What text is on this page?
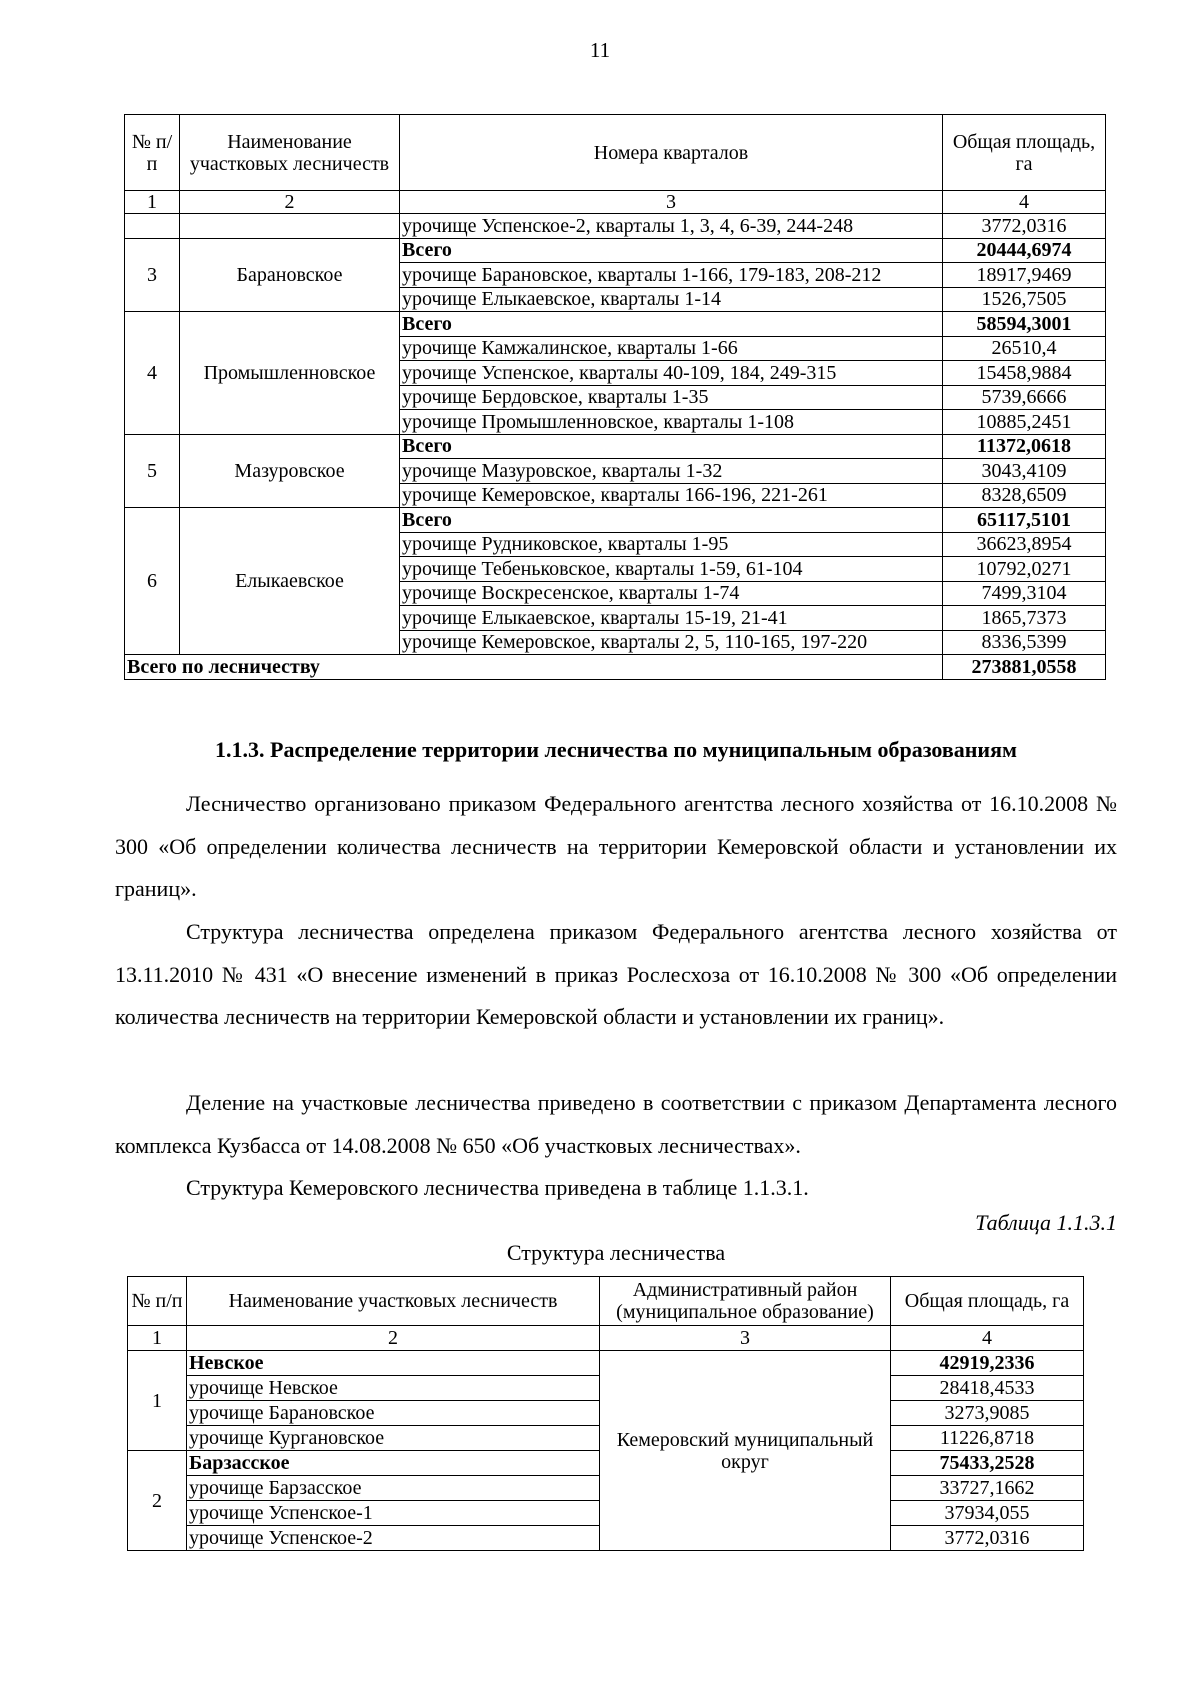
11
№ п/п	Наименование участковых лесничеств	Номера кварталов	Общая площадь, га
1	2	3	4
		урочище Успенское-2, кварталы 1, 3, 4, 6-39, 244-248	3772,0316
3	Барановское	Всего	20444,6974
		урочище Барановское, кварталы 1-166, 179-183, 208-212	18917,9469
		урочище Елыкаевское, кварталы 1-14	1526,7505
4	Промышленновское	Всего	58594,3001
		урочище Камжалинское, кварталы 1-66	26510,4
		урочище Успенское, кварталы 40-109, 184, 249-315	15458,9884
		урочище Бердовское, кварталы 1-35	5739,6666
		урочище Промышленновское, кварталы 1-108	10885,2451
5	Мазуровское	Всего	11372,0618
		урочище Мазуровское, кварталы 1-32	3043,4109
		урочище Кемеровское, кварталы 166-196, 221-261	8328,6509
6	Елыкаевское	Всего	65117,5101
		урочище Рудниковское, кварталы 1-95	36623,8954
		урочище Тебеньковское, кварталы 1-59, 61-104	10792,0271
		урочище Воскресенское, кварталы 1-74	7499,3104
		урочище Елыкаевское, кварталы 15-19, 21-41	1865,7373
		урочище Кемеровское, кварталы 2, 5, 110-165, 197-220	8336,5399
Всего по лесничеству			273881,0558
1.1.3. Распределение территории лесничества по муниципальным образованиям

Лесничество организовано приказом Федерального агентства лесного хозяйства от 16.10.2008 № 300 «Об определении количества лесничеств на территории Кемеровской области и установлении их границ».

Структура лесничества определена приказом Федерального агентства лесного хозяйства от 13.11.2010 № 431 «О внесение изменений в приказ Рослесхоза от 16.10.2008 № 300 «Об определении количества лесничеств на территории Кемеровской области и установлении их границ».

Деление на участковые лесничества приведено в соответствии с приказом Департамента лесного комплекса Кузбасса от 14.08.2008 № 650 «Об участковых лесничествах».

Структура Кемеровского лесничества приведена в таблице 1.1.3.1.

Таблица 1.1.3.1
Структура лесничества
№ п/п	Наименование участковых лесничеств	Административный район (муниципальное образование)	Общая площадь, га
1	2	3	4
1	Невское	Кемеровский муниципальный округ	42919,2336
	урочище Невское		28418,4533
	урочище Барановское		3273,9085
	урочище Кургановское		11226,8718
2	Барзасское		75433,2528
	урочище Барзасское		33727,1662
	урочище Успенское-1		37934,055
	урочище Успенское-2		3772,0316
